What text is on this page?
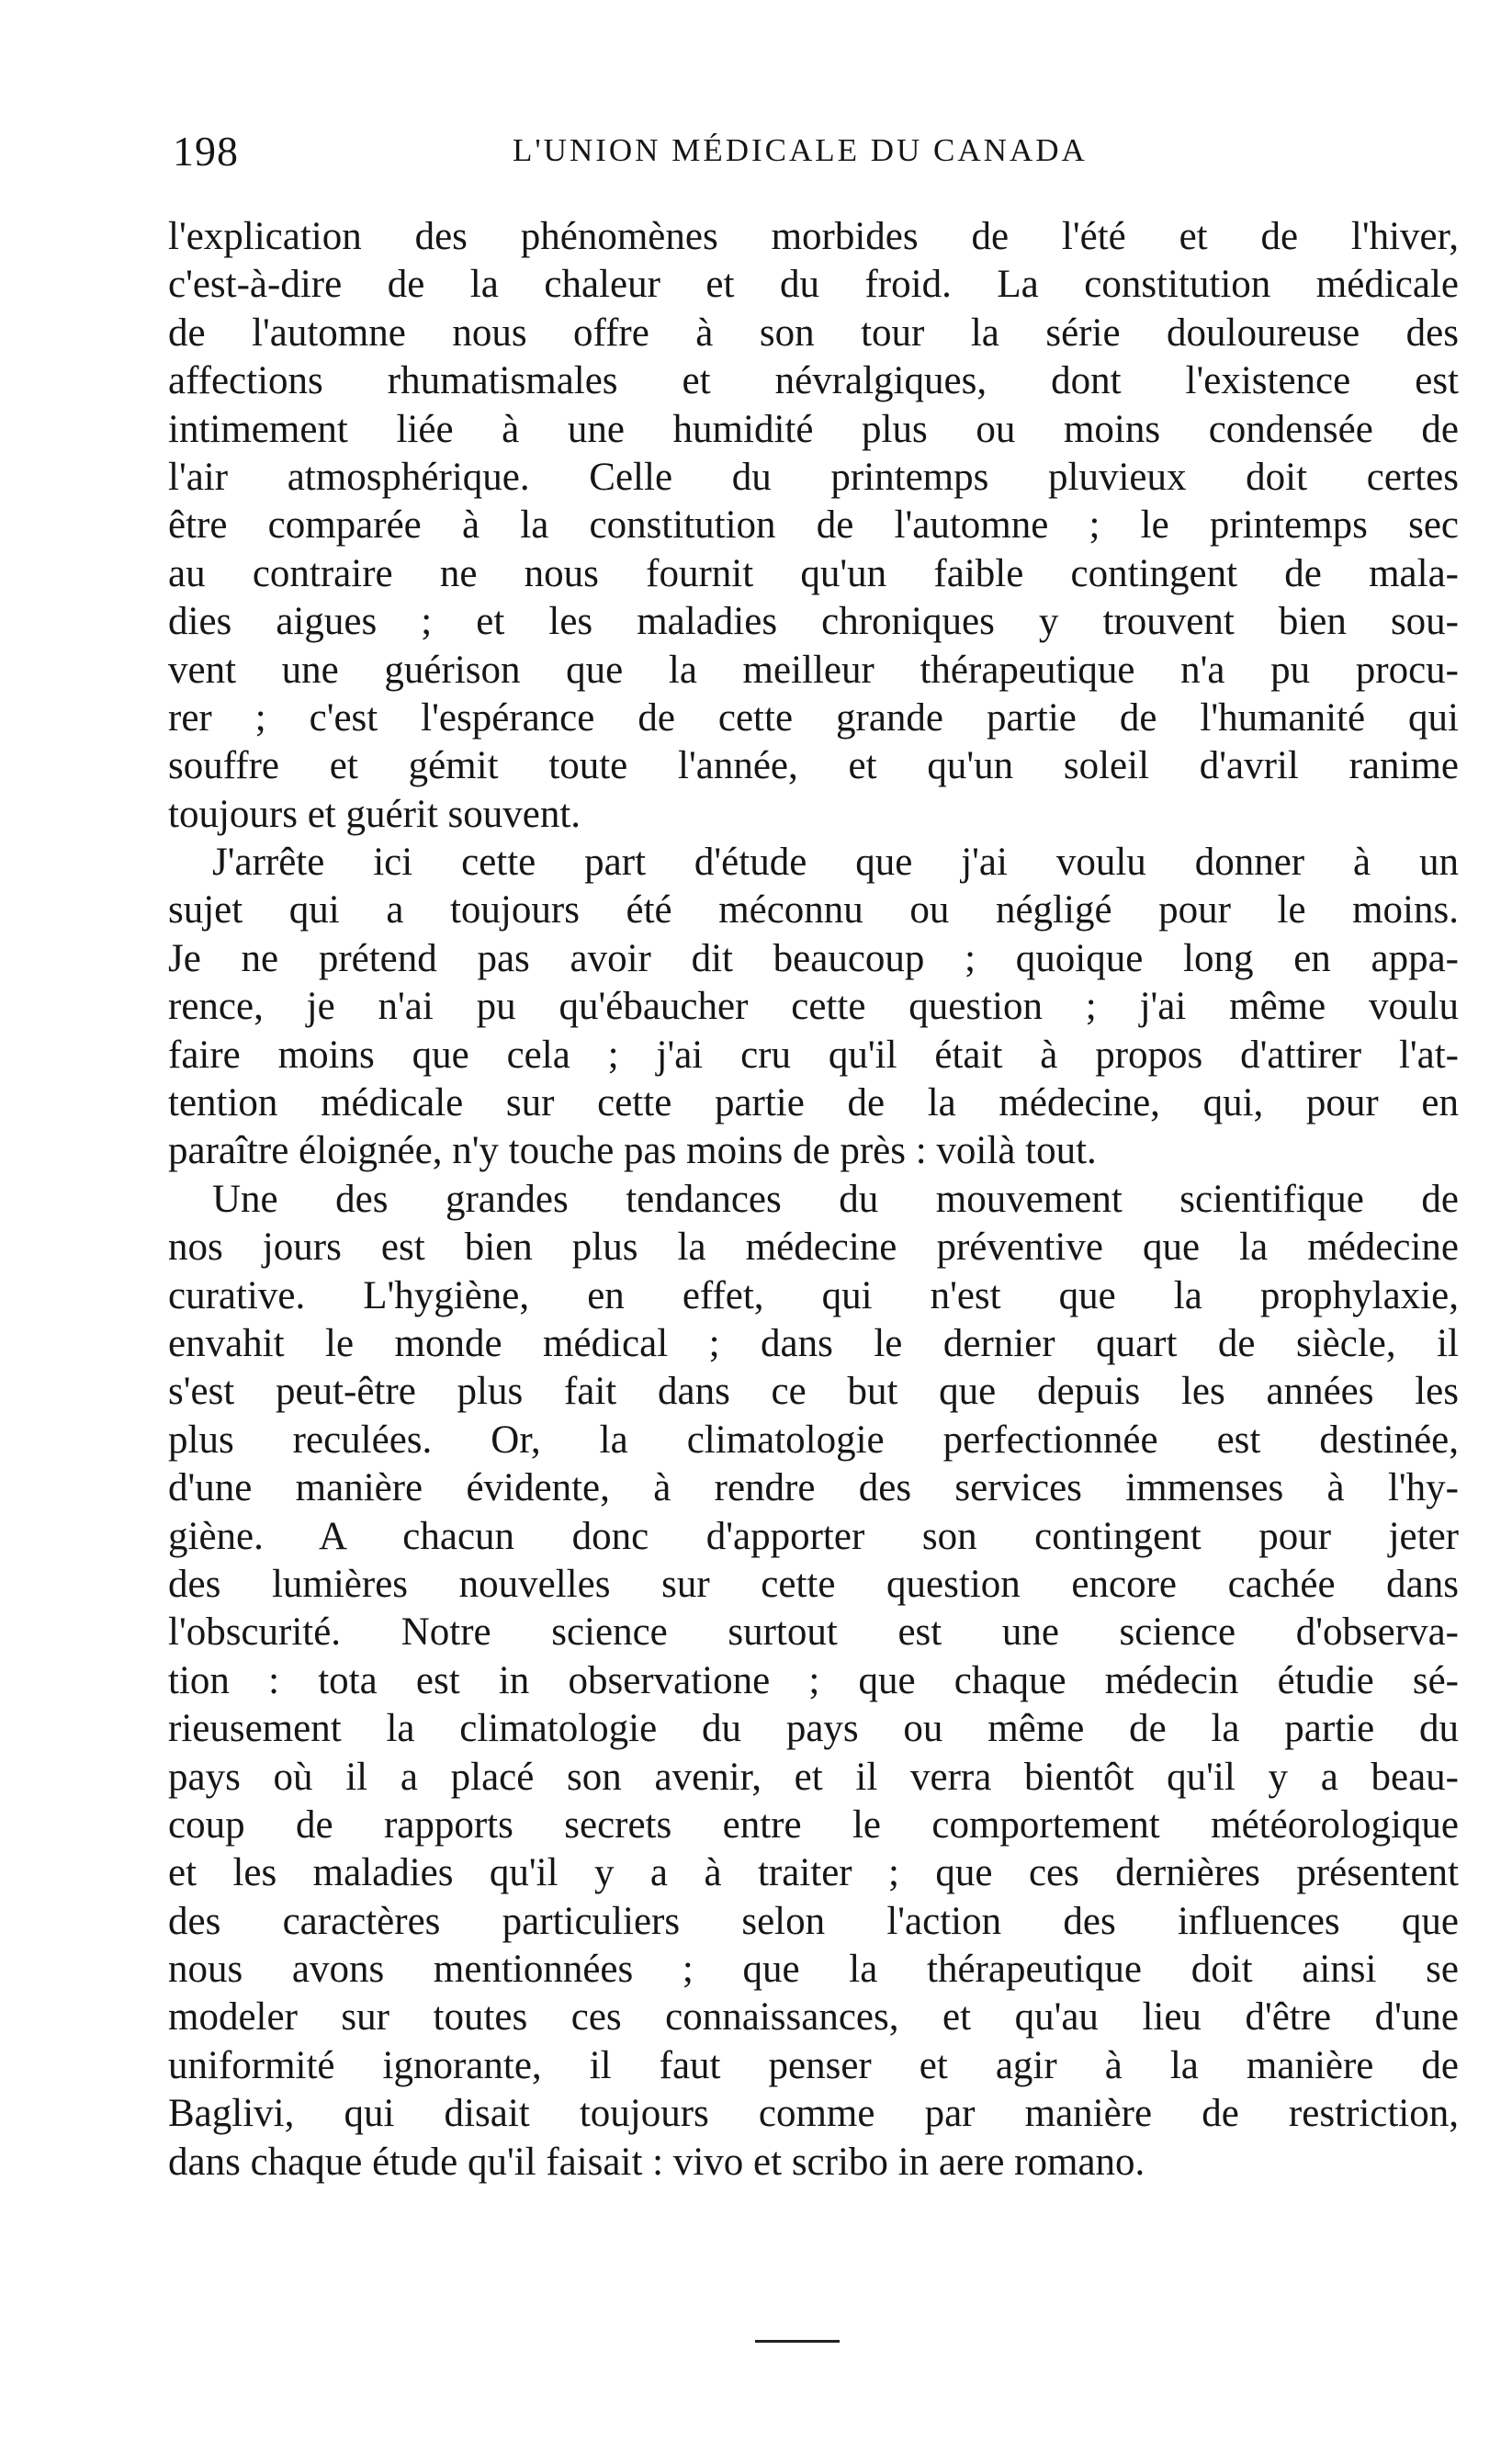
198	L'UNION MÉDICALE DU CANADA
l'explication des phénomènes morbides de l'été et de l'hiver,
c'est-à-dire de la chaleur et du froid. La constitution médicale
de l'automne nous offre à son tour la série douloureuse des
affections rhumatismales et névralgiques, dont l'existence est
intimement liée à une humidité plus ou moins condensée de
l'air atmosphérique. Celle du printemps pluvieux doit certes
être comparée à la constitution de l'automne ; le printemps sec
au contraire ne nous fournit qu'un faible contingent de mala-
dies aigues ; et les maladies chroniques y trouvent bien sou-
vent une guérison que la meilleur thérapeutique n'a pu procu-
rer ; c'est l'espérance de cette grande partie de l'humanité qui
souffre et gémit toute l'année, et qu'un soleil d'avril ranime
toujours et guérit souvent.
J'arrête ici cette part d'étude que j'ai voulu donner à un
sujet qui a toujours été méconnu ou négligé pour le moins.
Je ne prétend pas avoir dit beaucoup ; quoique long en appa-
rence, je n'ai pu qu'ébaucher cette question ; j'ai même voulu
faire moins que cela ; j'ai cru qu'il était à propos d'attirer l'at-
tention médicale sur cette partie de la médecine, qui, pour en
paraître éloignée, n'y touche pas moins de près : voilà tout.
Une des grandes tendances du mouvement scientifique de
nos jours est bien plus la médecine préventive que la médecine
curative. L'hygiène, en effet, qui n'est que la prophylaxie,
envahit le monde médical ; dans le dernier quart de siècle, il
s'est peut-être plus fait dans ce but que depuis les années les
plus reculées. Or, la climatologie perfectionnée est destinée,
d'une manière évidente, à rendre des services immenses à l'hy-
giène. A chacun donc d'apporter son contingent pour jeter
des lumières nouvelles sur cette question encore cachée dans
l'obscurité. Notre science surtout est une science d'observa-
tion : tota est in observatione ; que chaque médecin étudie sé-
rieusement la climatologie du pays ou même de la partie du
pays où il a placé son avenir, et il verra bientôt qu'il y a beau-
coup de rapports secrets entre le comportement météorologique
et les maladies qu'il y a à traiter ; que ces dernières présentent
des caractères particuliers selon l'action des influences que
nous avons mentionnées ; que la thérapeutique doit ainsi se
modeler sur toutes ces connaissances, et qu'au lieu d'être d'une
uniformité ignorante, il faut penser et agir à la manière de
Baglivi, qui disait toujours comme par manière de restriction,
dans chaque étude qu'il faisait : vivo et scribo in aere romano.
